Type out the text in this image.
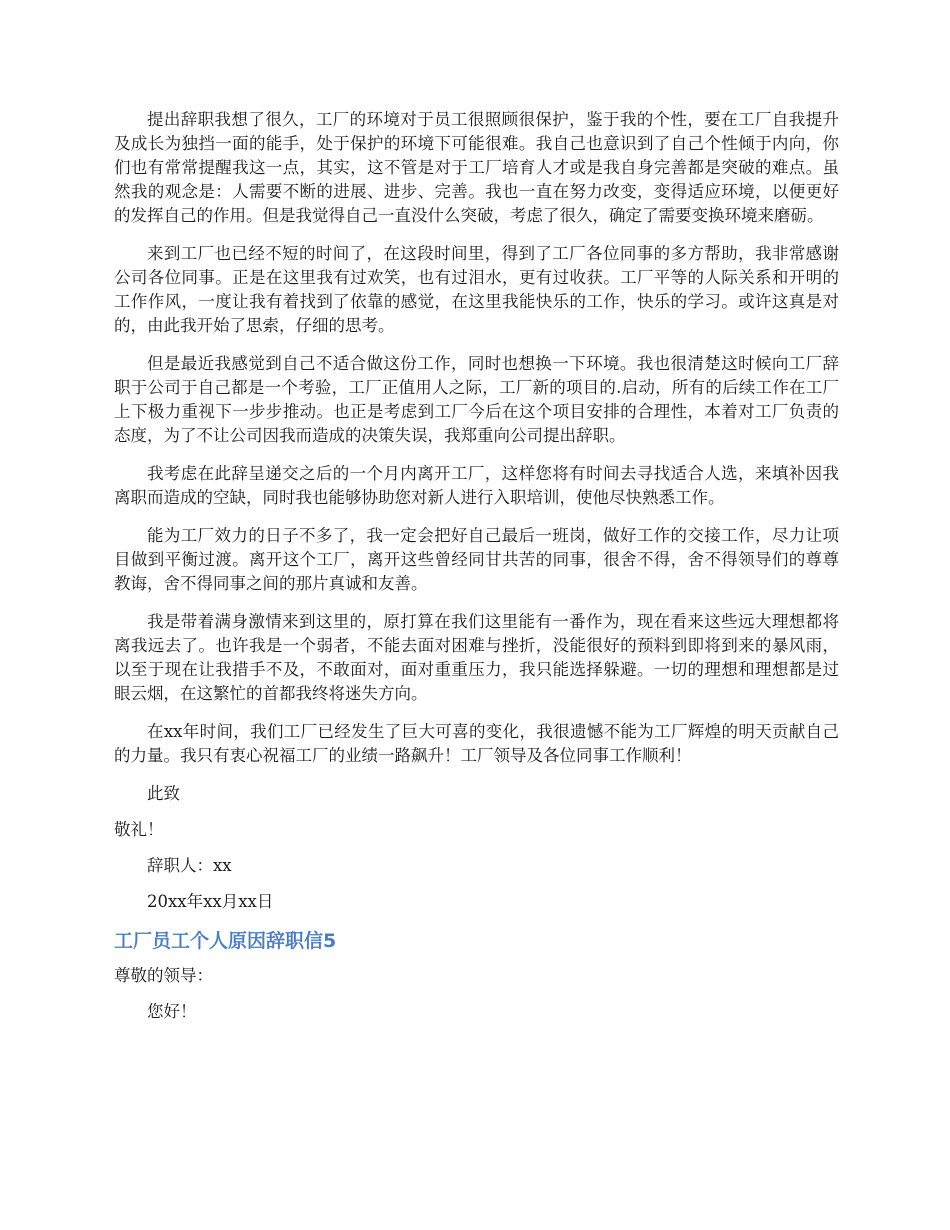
提出辞职我想了很久，工厂的环境对于员工很照顾很保护，鉴于我的个性，要在工厂自我提升及成长为独挡一面的能手，处于保护的环境下可能很难。我自己也意识到了自己个性倾于内向，你们也有常常提醒我这一点，其实，这不管是对于工厂培育人才或是我自身完善都是突破的难点。虽然我的观念是：人需要不断的进展、进步、完善。我也一直在努力改变，变得适应环境，以便更好的发挥自己的作用。但是我觉得自己一直没什么突破，考虑了很久，确定了需要变换环境来磨砺。

来到工厂也已经不短的时间了，在这段时间里，得到了工厂各位同事的多方帮助，我非常感谢公司各位同事。正是在这里我有过欢笑，也有过泪水，更有过收获。工厂平等的人际关系和开明的工作作风，一度让我有着找到了依靠的感觉，在这里我能快乐的工作，快乐的学习。或许这真是对的，由此我开始了思索，仔细的思考。

但是最近我感觉到自己不适合做这份工作，同时也想换一下环境。我也很清楚这时候向工厂辞职于公司于自己都是一个考验，工厂正值用人之际，工厂新的项目的.启动，所有的后续工作在工厂上下极力重视下一步步推动。也正是考虑到工厂今后在这个项目安排的合理性，本着对工厂负责的态度，为了不让公司因我而造成的决策失误，我郑重向公司提出辞职。

我考虑在此辞呈递交之后的一个月内离开工厂，这样您将有时间去寻找适合人选，来填补因我离职而造成的空缺，同时我也能够协助您对新人进行入职培训，使他尽快熟悉工作。

能为工厂效力的日子不多了，我一定会把好自己最后一班岗，做好工作的交接工作，尽力让项目做到平衡过渡。离开这个工厂，离开这些曾经同甘共苦的同事，很舍不得，舍不得领导们的尊尊教诲，舍不得同事之间的那片真诚和友善。

我是带着满身激情来到这里的，原打算在我们这里能有一番作为，现在看来这些远大理想都将离我远去了。也许我是一个弱者，不能去面对困难与挫折，没能很好的预料到即将到来的暴风雨，以至于现在让我措手不及，不敢面对，面对重重压力，我只能选择躲避。一切的理想和理想都是过眼云烟，在这繁忙的首都我终将迷失方向。

在xx年时间，我们工厂已经发生了巨大可喜的变化，我很遗憾不能为工厂辉煌的明天贡献自己的力量。我只有衷心祝福工厂的业绩一路飙升！工厂领导及各位同事工作顺利！

此致

敬礼！

辞职人：xx

20xx年xx月xx日

工厂员工个人原因辞职信5

尊敬的领导：

您好！
